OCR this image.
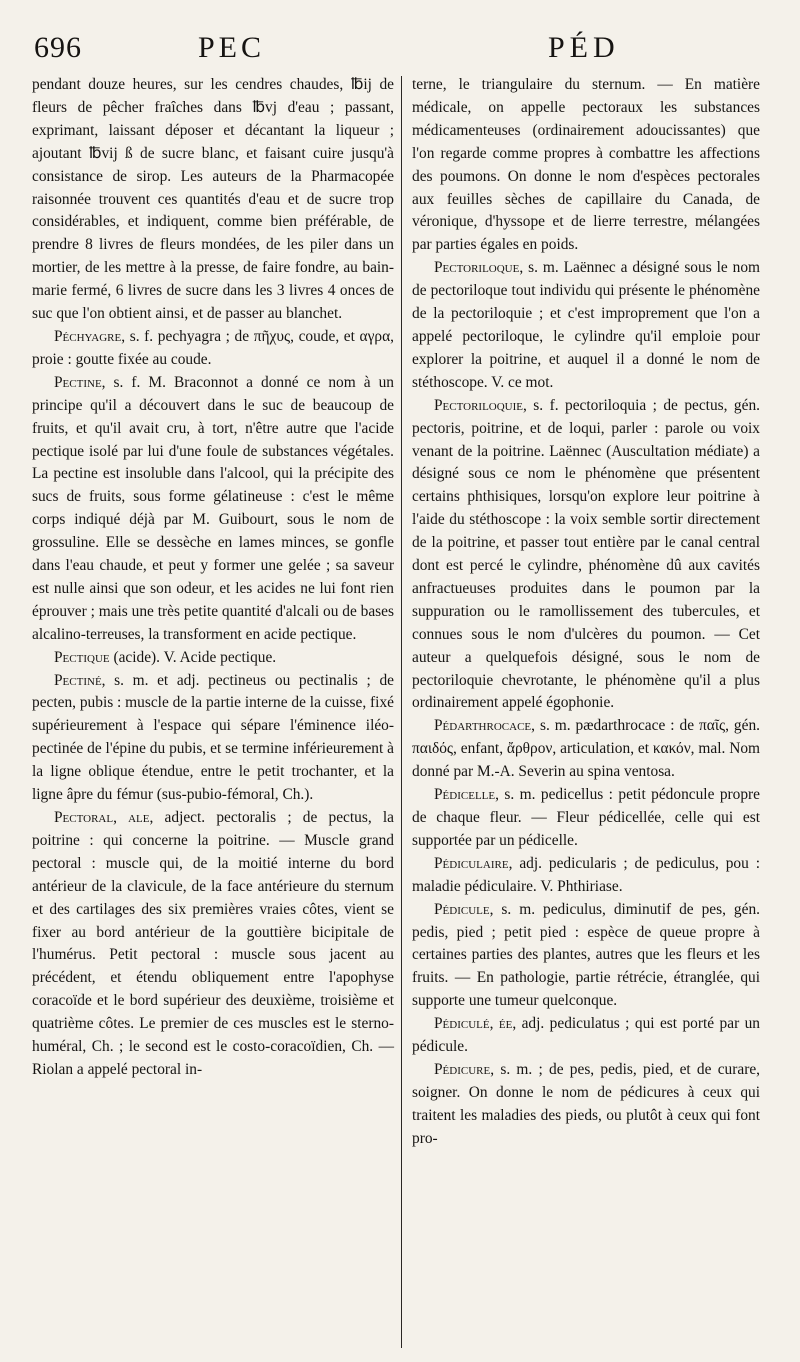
696	PEC	PÉD

pendant douze heures, sur les cendres chaudes, ℔ij de fleurs de pêcher fraîches dans ℔vj d'eau ; passant, exprimant, laissant déposer et décantant la liqueur ; ajoutant ℔vij ß de sucre blanc, et faisant cuire jusqu'à consistance de sirop. Les auteurs de la Pharmacopée raisonnée trouvent ces quantités d'eau et de sucre trop considérables, et indiquent, comme bien préférable, de prendre 8 livres de fleurs mondées, de les piler dans un mortier, de les mettre à la presse, de faire fondre, au bain-marie fermé, 6 livres de sucre dans les 3 livres 4 onces de suc que l'on obtient ainsi, et de passer au blanchet.

Péchyagre, s. f. pechyagra ; de πῆχυς, coude, et αγρα, proie : goutte fixée au coude.

Pectine, s. f. M. Braconnot a donné ce nom à un principe qu'il a découvert dans le suc de beaucoup de fruits, et qu'il avait cru, à tort, n'être autre que l'acide pectique isolé par lui d'une foule de substances végétales. La pectine est insoluble dans l'alcool, qui la précipite des sucs de fruits, sous forme gélatineuse : c'est le même corps indiqué déjà par M. Guibourt, sous le nom de grossuline. Elle se dessèche en lames minces, se gonfle dans l'eau chaude, et peut y former une gelée ; sa saveur est nulle ainsi que son odeur, et les acides ne lui font rien éprouver ; mais une très petite quantité d'alcali ou de bases alcalino-terreuses, la transforment en acide pectique.

Pectique (acide). V. Acide pectique.

Pectiné, s. m. et adj. pectineus ou pectinalis ; de pecten, pubis : muscle de la partie interne de la cuisse, fixé supérieurement à l'espace qui sépare l'éminence iléo-pectinée de l'épine du pubis, et se termine inférieurement à la ligne oblique étendue, entre le petit trochanter, et la ligne âpre du fémur (sus-pubio-fémoral, Ch.).

Pectoral, ale, adject. pectoralis ; de pectus, la poitrine : qui concerne la poitrine. — Muscle grand pectoral : muscle qui, de la moitié interne du bord antérieur de la clavicule, de la face antérieure du sternum et des cartilages des six premières vraies côtes, vient se fixer au bord antérieur de la gouttière bicipitale de l'humérus. Petit pectoral : muscle sous jacent au précédent, et étendu obliquement entre l'apophyse coracoïde et le bord supérieur des deuxième, troisième et quatrième côtes. Le premier de ces muscles est le sterno-huméral, Ch. ; le second est le costo-coracoïdien, Ch. — Riolan a appelé pectoral in-

terne, le triangulaire du sternum. — En matière médicale, on appelle pectoraux les substances médicamenteuses (ordinairement adoucissantes) que l'on regarde comme propres à combattre les affections des poumons. On donne le nom d'espèces pectorales aux feuilles sèches de capillaire du Canada, de véronique, d'hyssope et de lierre terrestre, mélangées par parties égales en poids.

Pectoriloque, s. m. Laënnec a désigné sous le nom de pectoriloque tout individu qui présente le phénomène de la pectoriloquie ; et c'est improprement que l'on a appelé pectoriloque, le cylindre qu'il emploie pour explorer la poitrine, et auquel il a donné le nom de stéthoscope. V. ce mot.

Pectoriloquie, s. f. pectoriloquia ; de pectus, gén. pectoris, poitrine, et de loqui, parler : parole ou voix venant de la poitrine. Laënnec (Auscultation médiate) a désigné sous ce nom le phénomène que présentent certains phthisiques, lorsqu'on explore leur poitrine à l'aide du stéthoscope : la voix semble sortir directement de la poitrine, et passer tout entière par le canal central dont est percé le cylindre, phénomène dû aux cavités anfractueuses produites dans le poumon par la suppuration ou le ramollissement des tubercules, et connues sous le nom d'ulcères du poumon. — Cet auteur a quelquefois désigné, sous le nom de pectoriloquie chevrotante, le phénomène qu'il a plus ordinairement appelé égophonie.

Pédarthrocace, s. m. pædarthrocace : de παῖς, gén. παιδός, enfant, ἄρθρον, articulation, et κακόν, mal. Nom donné par M.-A. Severin au spina ventosa.

Pédicelle, s. m. pedicellus : petit pédoncule propre de chaque fleur. — Fleur pédicellée, celle qui est supportée par un pédicelle.

Pédiculaire, adj. pedicularis ; de pediculus, pou : maladie pédiculaire. V. Phthiriase.

Pédicule, s. m. pediculus, diminutif de pes, gén. pedis, pied ; petit pied : espèce de queue propre à certaines parties des plantes, autres que les fleurs et les fruits. — En pathologie, partie rétrécie, étranglée, qui supporte une tumeur quelconque.

Pédiculé, ée, adj. pediculatus ; qui est porté par un pédicule.

Pédicure, s. m. ; de pes, pedis, pied, et de curare, soigner. On donne le nom de pédicures à ceux qui traitent les maladies des pieds, ou plutôt à ceux qui font pro-
